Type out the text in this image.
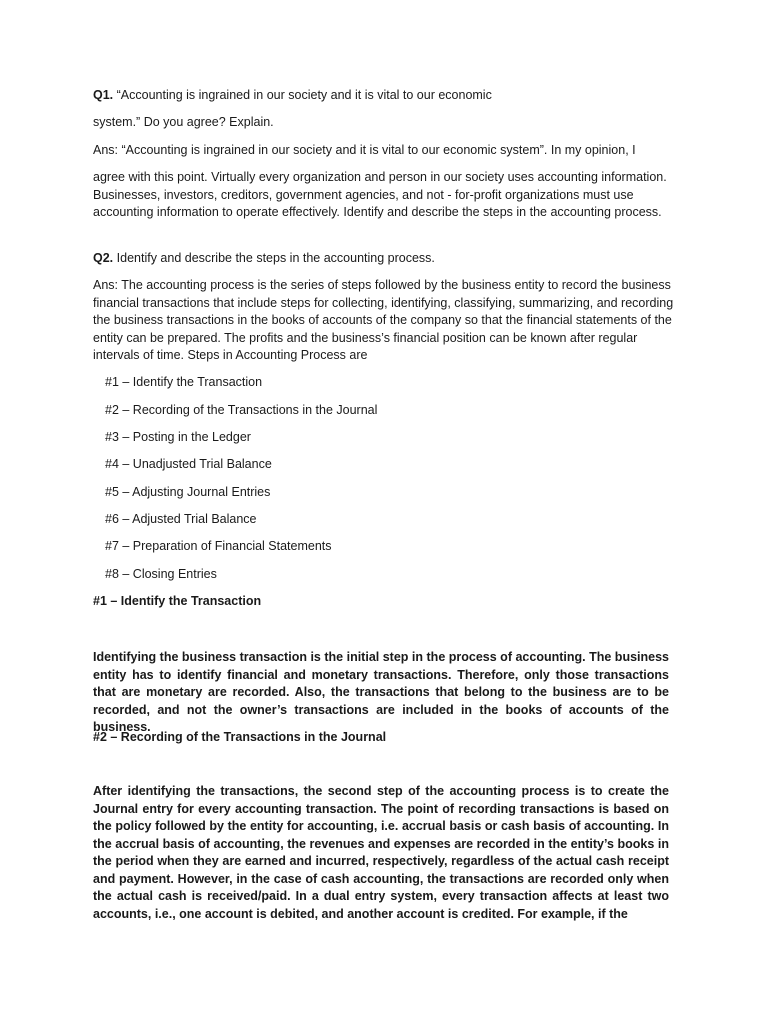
Q1. “Accounting is ingrained in our society and it is vital to our economic

system.” Do you agree? Explain.

Ans: “Accounting is ingrained in our society and it is vital to our economic system”. In my opinion, I

agree with this point. Virtually every organization and person in our society uses accounting information. Businesses, investors, creditors, government agencies, and not - for-profit organizations must use accounting information to operate effectively. Identify and describe the steps in the accounting process.

Q2. Identify and describe the steps in the accounting process.

Ans: The accounting process is the series of steps followed by the business entity to record the business financial transactions that include steps for collecting, identifying, classifying, summarizing, and recording the business transactions in the books of accounts of the company so that the financial statements of the entity can be prepared. The profits and the business’s financial position can be known after regular intervals of time. Steps in Accounting Process are

#1 – Identify the Transaction

#2 – Recording of the Transactions in the Journal

#3 – Posting in the Ledger

#4 – Unadjusted Trial Balance

#5 – Adjusting Journal Entries

#6 – Adjusted Trial Balance

#7 – Preparation of Financial Statements

#8 – Closing Entries

#1 – Identify the Transaction

Identifying the business transaction is the initial step in the process of accounting. The business entity has to identify financial and monetary transactions. Therefore, only those transactions that are monetary are recorded. Also, the transactions that belong to the business are to be recorded, and not the owner’s transactions are included in the books of accounts of the business.

#2 – Recording of the Transactions in the Journal

After identifying the transactions, the second step of the accounting process is to create the Journal entry for every accounting transaction. The point of recording transactions is based on the policy followed by the entity for accounting, i.e. accrual basis or cash basis of accounting. In the accrual basis of accounting, the revenues and expenses are recorded in the entity’s books in the period when they are earned and incurred, respectively, regardless of the actual cash receipt and payment. However, in the case of cash accounting, the transactions are recorded only when the actual cash is received/paid. In a dual entry system, every transaction affects at least two accounts, i.e., one account is debited, and another account is credited. For example, if the
